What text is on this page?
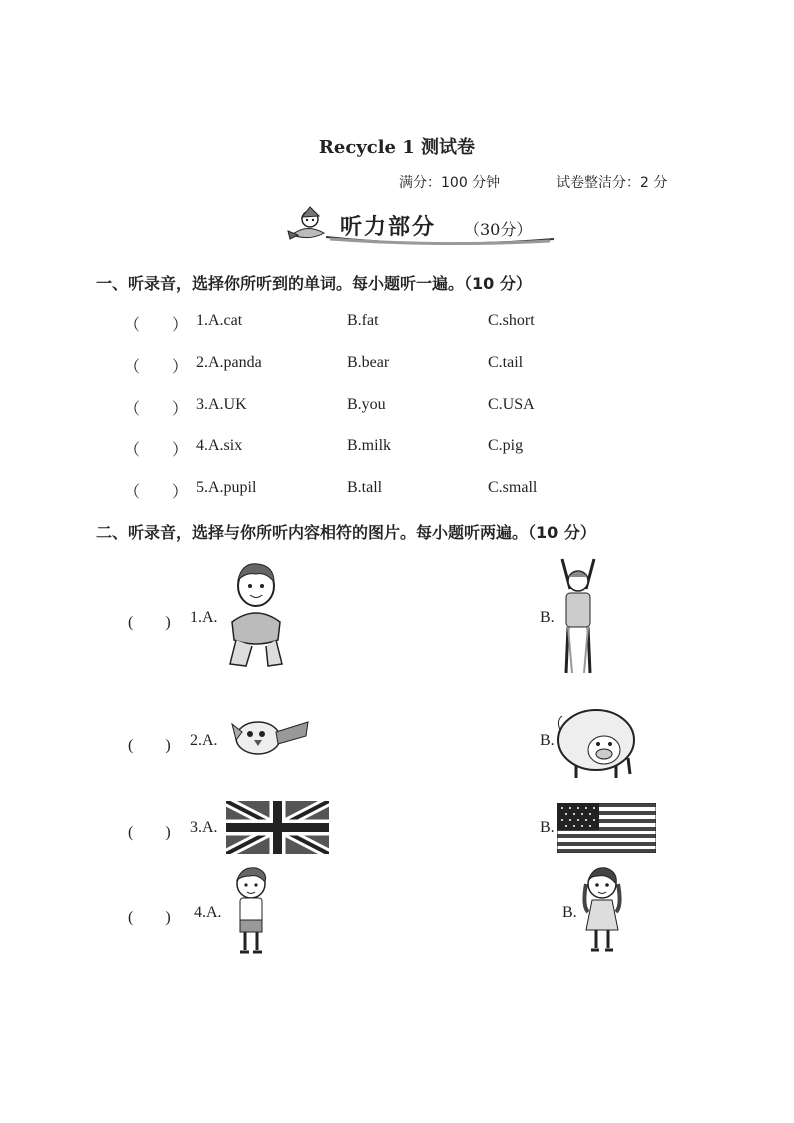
Recycle 1 测试卷
满分：100 分钟	试卷整洁分：2 分
听力部分 （30分）
一、听录音，选择你所听到的单词。每小题听一遍。（10 分）
（　　） 1.A.cat	B.fat	C.short
（　　） 2.A.panda	B.bear	C.tail
（　　） 3.A.UK	B.you	C.USA
（　　） 4.A.six	B.milk	C.pig
（　　） 5.A.pupil	B.tall	C.small
二、听录音，选择与你所听内容相符的图片。每小题听两遍。（10 分）
(　　) 1.A.	B.
(　　) 2.A.	B.
(　　) 3.A.	B.
(　　) 4.A.	B.
